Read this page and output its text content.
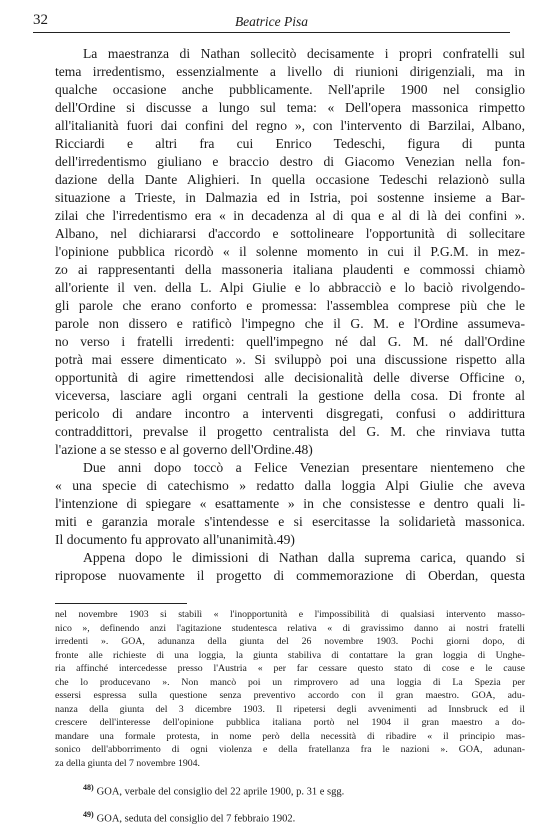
32	Beatrice Pisa
La maestranza di Nathan sollecitò decisamente i propri confratelli sul
tema irredentismo, essenzialmente a livello di riunioni dirigenziali, ma in
qualche occasione anche pubblicamente. Nell'aprile 1900 nel consiglio
dell'Ordine si discusse a lungo sul tema: « Dell'opera massonica rimpetto
all'italianità fuori dai confini del regno », con l'intervento di Barzilai, Albano,
Ricciardi e altri fra cui Enrico Tedeschi, figura di punta
dell'irredentismo giuliano e braccio destro di Giacomo Venezian nella fon-
dazione della Dante Alighieri. In quella occasione Tedeschi relazionò sulla
situazione a Trieste, in Dalmazia ed in Istria, poi sostenne insieme a Bar-
zilai che l'irredentismo era « in decadenza al di qua e al di là dei confini ».
Albano, nel dichiararsi d'accordo e sottolineare l'opportunità di sollecitare
l'opinione pubblica ricordò « il solenne momento in cui il P.G.M. in mez-
zo ai rappresentanti della massoneria italiana plaudenti e commossi chiamò
all'oriente il ven. della L. Alpi Giulie e lo abbracciò e lo baciò rivolgendo-
gli parole che erano conforto e promessa: l'assemblea comprese più che le
parole non dissero e ratificò l'impegno che il G. M. e l'Ordine assumeva-
no verso i fratelli irredenti: quell'impegno né dal G. M. né dall'Ordine
potrà mai essere dimenticato ». Si sviluppò poi una discussione rispetto alla
opportunità di agire rimettendosi alle decisionalità delle diverse Officine o,
viceversa, lasciare agli organi centrali la gestione della cosa. Di fronte al
pericolo di andare incontro a interventi disgregati, confusi o addirittura
contraddittori, prevalse il progetto centralista del G. M. che rinviava tutta
l'azione a se stesso e al governo dell'Ordine.48)
Due anni dopo toccò a Felice Venezian presentare nientemeno che
« una specie di catechismo » redatto dalla loggia Alpi Giulie che aveva
l'intenzione di spiegare « esattamente » in che consistesse e dentro quali li-
miti e garanzia morale s'intendesse e si esercitasse la solidarietà massonica.
Il documento fu approvato all'unanimità.49)
Appena dopo le dimissioni di Nathan dalla suprema carica, quando si
ripropose nuovamente il progetto di commemorazione di Oberdan, questa
nel novembre 1903 si stabilì « l'inopportunità e l'impossibilità di qualsiasi intervento masso-
nico », definendo anzi l'agitazione studentesca relativa « di gravissimo danno ai nostri fratelli
irredenti ». GOA, adunanza della giunta del 26 novembre 1903. Pochi giorni dopo, di
fronte alle richieste di una loggia, la giunta stabiliva di contattare la gran loggia di Unghe-
ria affinché intercedesse presso l'Austria « per far cessare questo stato di cose e le cause
che lo producevano ». Non mancò poi un rimprovero ad una loggia di La Spezia per
essersi espressa sulla questione senza preventivo accordo con il gran maestro. GOA, adu-
nanza della giunta del 3 dicembre 1903. Il ripetersi degli avvenimenti ad Innsbruck ed il
crescere dell'interesse dell'opinione pubblica italiana portò nel 1904 il gran maestro a do-
mandare una formale protesta, in nome però della necessità di ribadire « il principio mas-
sonico dell'abborrimento di ogni violenza e della fratellanza fra le nazioni ». GOA, adunan-
za della giunta del 7 novembre 1904.
$^{48)}$ GOA, verbale del consiglio del 22 aprile 1900, p. 31 e sgg.
$^{49)}$ GOA, seduta del consiglio del 7 febbraio 1902.
